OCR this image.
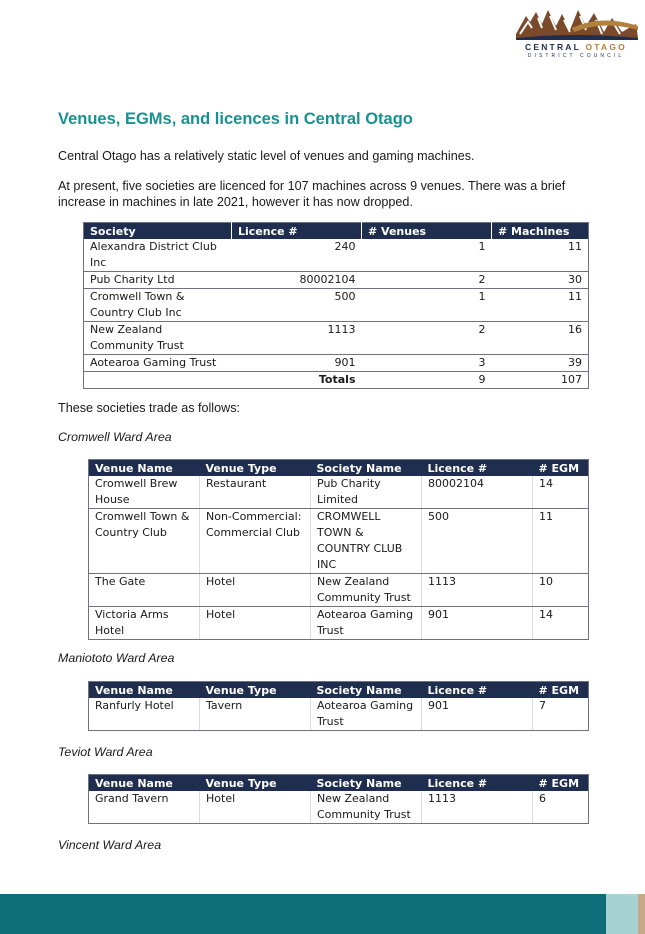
CENTRAL OTAGO
DISTRICT COUNCIL
Venues, EGMs, and licences in Central Otago

Central Otago has a relatively static level of venues and gaming machines.

At present, five societies are licenced for 107 machines across 9 venues. There was a brief increase in machines in late 2021, however it has now dropped.

Society	Licence #	# Venues	# Machines
Alexandra District Club Inc	240	1	11
Pub Charity Ltd	80002104	2	30
Cromwell Town & Country Club Inc	500	1	11
New Zealand Community Trust	1113	2	16
Aotearoa Gaming Trust	901	3	39
	Totals	9	107

These societies trade as follows:

Cromwell Ward Area

Venue Name	Venue Type	Society Name	Licence #	# EGM
Cromwell Brew House	Restaurant	Pub Charity Limited	80002104	14
Cromwell Town & Country Club	Non-Commercial: Commercial Club	CROMWELL TOWN & COUNTRY CLUB INC	500	11
The Gate	Hotel	New Zealand Community Trust	1113	10
Victoria Arms Hotel	Hotel	Aotearoa Gaming Trust	901	14

Maniototo Ward Area

Venue Name	Venue Type	Society Name	Licence #	# EGM
Ranfurly Hotel	Tavern	Aotearoa Gaming Trust	901	7

Teviot Ward Area

Venue Name	Venue Type	Society Name	Licence #	# EGM
Grand Tavern	Hotel	New Zealand Community Trust	1113	6

Vincent Ward Area
